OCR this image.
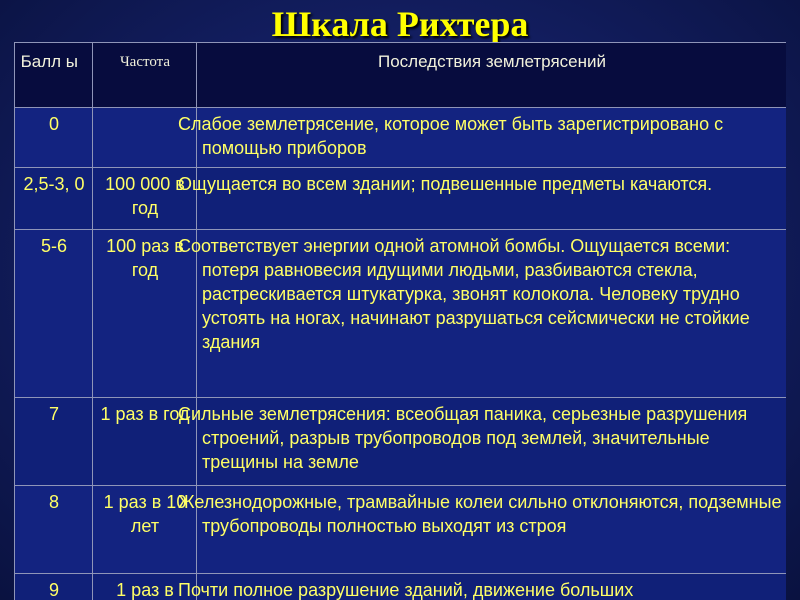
Шкала Рихтера
Балл ы	Частота	Последствия землетрясений
0		Слабое землетрясение, которое может быть зарегистрировано с помощью приборов
2,5-3, 0	100 000 в год	Ощущается во всем здании; подвешенные предметы качаются.
5-6	100 раз в год	Соответствует энергии одной атомной бомбы. Ощущается всеми: потеря равновесия идущими людьми, разбиваются стекла, растрескивается штукатурка, звонят колокола. Человеку трудно устоять на ногах, начинают разрушаться сейсмически не стойкие здания
7	1 раз в год	Сильные землетрясения: всеобщая паника, серьезные разрушения строений, разрыв трубопроводов под землей, значительные трещины на земле
8	1 раз в 10 лет	Железнодорожные, трамвайные колеи сильно отклоняются, подземные трубопроводы полностью выходят из строя
9	1 раз в	Почти полное разрушение зданий, движение больших
